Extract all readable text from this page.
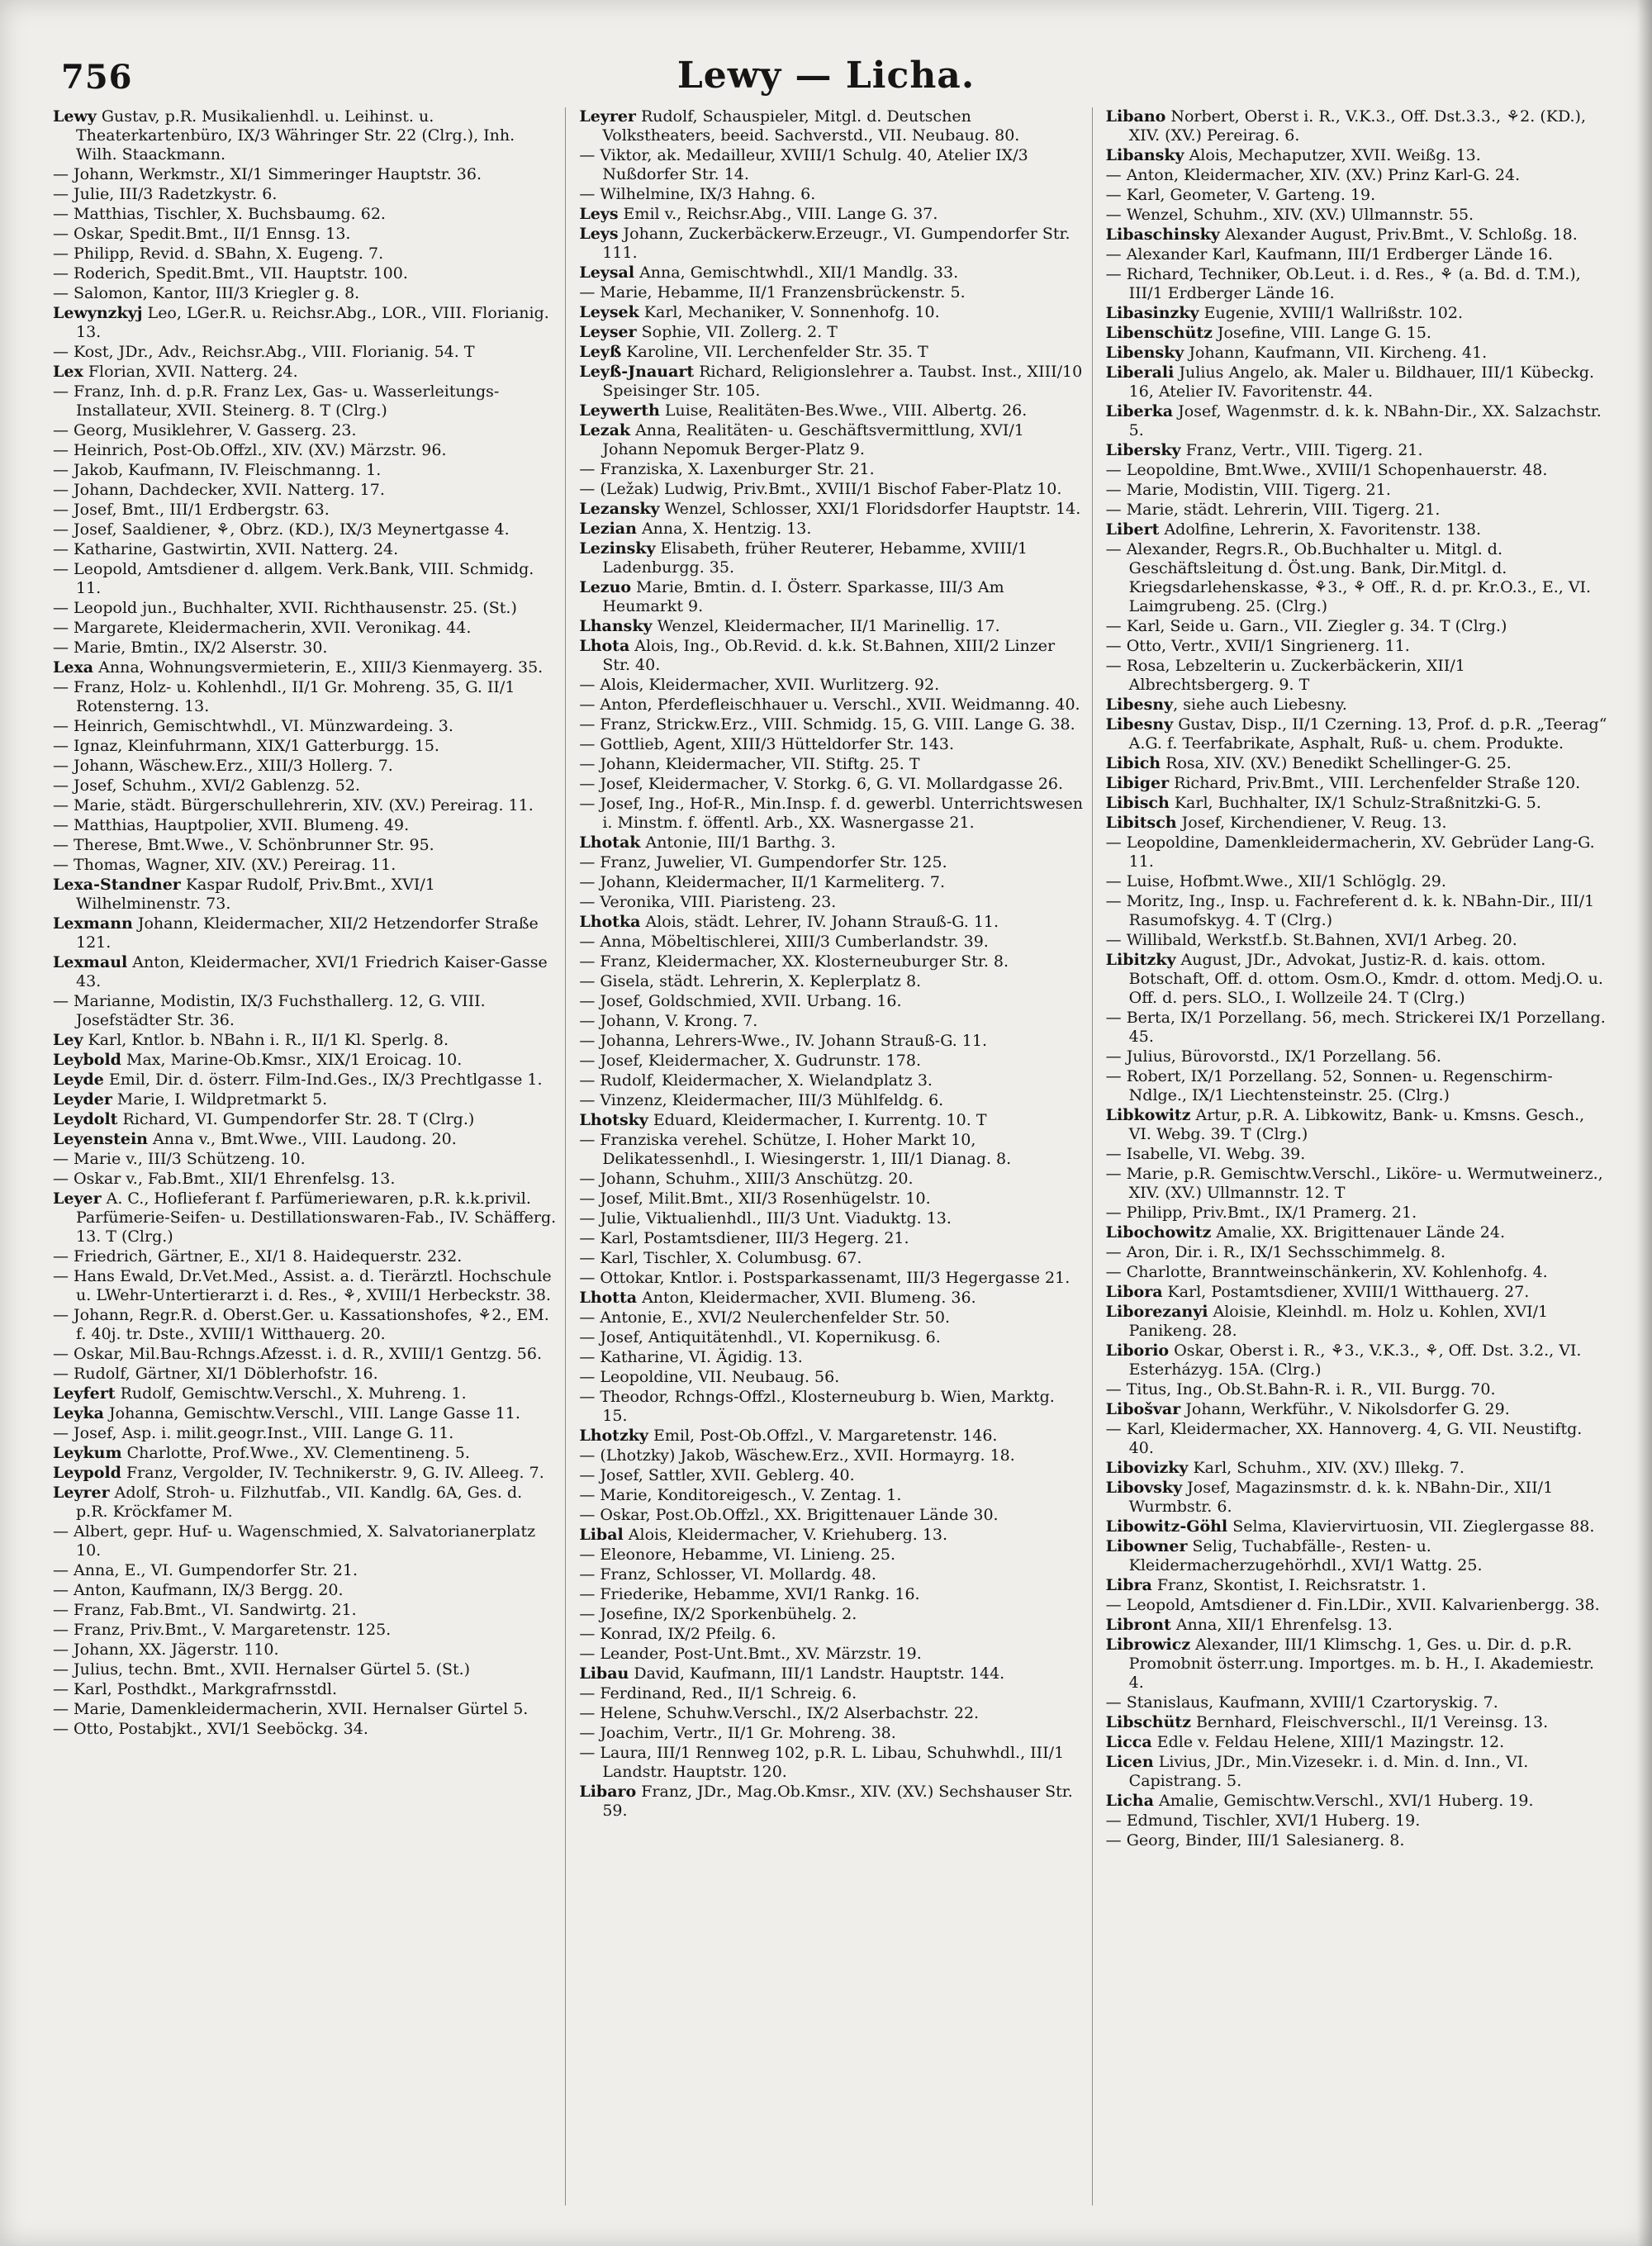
756	Lewy — Licha.

Lewy Gustav, p.R. Musikalienhdl. u. Leihinst. u. Theaterkartenbüro, IX/3 Währinger Str. 22 (Clrg.), Inh. Wilh. Staackmann.

— Johann, Werkmstr., XI/1 Simmeringer Hauptstr. 36.

— Julie, III/3 Radetzkystr. 6.

— Matthias, Tischler, X. Buchsbaumg. 62.

— Oskar, Spedit.Bmt., II/1 Ennsg. 13.

— Philipp, Revid. d. SBahn, X. Eugeng. 7.

— Roderich, Spedit.Bmt., VII. Hauptstr. 100.

— Salomon, Kantor, III/3 Kriegler g. 8.

Lewynzkyj Leo, LGer.R. u. Reichsr.Abg., LOR., VIII. Florianig. 13.

— Kost, JDr., Adv., Reichsr.Abg., VIII. Florianig. 54. T

Lex Florian, XVII. Natterg. 24.

— Franz, Inh. d. p.R. Franz Lex, Gas- u. Wasserleitungs-Installateur, XVII. Steinerg. 8. T (Clrg.)

— Georg, Musiklehrer, V. Gasserg. 23.

— Heinrich, Post-Ob.Offzl., XIV. (XV.) Märzstr. 96.

— Jakob, Kaufmann, IV. Fleischmanng. 1.

— Johann, Dachdecker, XVII. Natterg. 17.

— Josef, Bmt., III/1 Erdbergstr. 63.

— Josef, Saaldiener, ⚘, Obrz. (KD.), IX/3 Meynertgasse 4.

— Katharine, Gastwirtin, XVII. Natterg. 24.

— Leopold, Amtsdiener d. allgem. Verk.Bank, VIII. Schmidg. 11.

— Leopold jun., Buchhalter, XVII. Richthausenstr. 25. (St.)

— Margarete, Kleidermacherin, XVII. Veronikag. 44.

— Marie, Bmtin., IX/2 Alserstr. 30.

Lexa Anna, Wohnungsvermieterin, E., XIII/3 Kienmayerg. 35.

— Franz, Holz- u. Kohlenhdl., II/1 Gr. Mohreng. 35, G. II/1 Rotensterng. 13.

— Heinrich, Gemischtwhdl., VI. Münzwardeing. 3.

— Ignaz, Kleinfuhrmann, XIX/1 Gatterburgg. 15.

— Johann, Wäschew.Erz., XIII/3 Hollerg. 7.

— Josef, Schuhm., XVI/2 Gablenzg. 52.

— Marie, städt. Bürgerschullehrerin, XIV. (XV.) Pereirag. 11.

— Matthias, Hauptpolier, XVII. Blumeng. 49.

— Therese, Bmt.Wwe., V. Schönbrunner Str. 95.

— Thomas, Wagner, XIV. (XV.) Pereirag. 11.

Lexa-Standner Kaspar Rudolf, Priv.Bmt., XVI/1 Wilhelminenstr. 73.

Lexmann Johann, Kleidermacher, XII/2 Hetzendorfer Straße 121.

Lexmaul Anton, Kleidermacher, XVI/1 Friedrich Kaiser-Gasse 43.

— Marianne, Modistin, IX/3 Fuchsthallerg. 12, G. VIII. Josefstädter Str. 36.

Ley Karl, Kntlor. b. NBahn i. R., II/1 Kl. Sperlg. 8.

Leybold Max, Marine-Ob.Kmsr., XIX/1 Eroicag. 10.

Leyde Emil, Dir. d. österr. Film-Ind.Ges., IX/3 Prechtlgasse 1.

Leyder Marie, I. Wildpretmarkt 5.

Leydolt Richard, VI. Gumpendorfer Str. 28. T (Clrg.)

Leyenstein Anna v., Bmt.Wwe., VIII. Laudong. 20.

— Marie v., III/3 Schützeng. 10.

— Oskar v., Fab.Bmt., XII/1 Ehrenfelsg. 13.

Leyer A. C., Hoflieferant f. Parfümeriewaren, p.R. k.k.privil. Parfümerie-Seifen- u. Destillationswaren-Fab., IV. Schäfferg. 13. T (Clrg.)

— Friedrich, Gärtner, E., XI/1 8. Haidequerstr. 232.

— Hans Ewald, Dr.Vet.Med., Assist. a. d. Tierärztl. Hochschule u. LWehr-Untertierarzt i. d. Res., ⚘, XVIII/1 Herbeckstr. 38.

— Johann, Regr.R. d. Oberst.Ger. u. Kassationshofes, ⚘2., EM. f. 40j. tr. Dste., XVIII/1 Witthauerg. 20.

— Oskar, Mil.Bau-Rchngs.Afzesst. i. d. R., XVIII/1 Gentzg. 56.

— Rudolf, Gärtner, XI/1 Döblerhofstr. 16.

Leyfert Rudolf, Gemischtw.Verschl., X. Muhreng. 1.

Leyka Johanna, Gemischtw.Verschl., VIII. Lange Gasse 11.

— Josef, Asp. i. milit.geogr.Inst., VIII. Lange G. 11.

Leykum Charlotte, Prof.Wwe., XV. Clementineng. 5.

Leypold Franz, Vergolder, IV. Technikerstr. 9, G. IV. Alleeg. 7.

Leyrer Adolf, Stroh- u. Filzhutfab., VII. Kandlg. 6A, Ges. d. p.R. Kröckfamer M.

— Albert, gepr. Huf- u. Wagenschmied, X. Salvatorianerplatz 10.

— Anna, E., VI. Gumpendorfer Str. 21.

— Anton, Kaufmann, IX/3 Bergg. 20.

— Franz, Fab.Bmt., VI. Sandwirtg. 21.

— Franz, Priv.Bmt., V. Margaretenstr. 125.

— Johann, XX. Jägerstr. 110.

— Julius, techn. Bmt., XVII. Hernalser Gürtel 5. (St.)

— Karl, Posthdkt., Markgrafrnsstdl.

— Marie, Damenkleidermacherin, XVII. Hernalser Gürtel 5.

— Otto, Postabjkt., XVI/1 Seeböckg. 34.

Leyrer Rudolf, Schauspieler, Mitgl. d. Deutschen Volkstheaters, beeid. Sachverstd., VII. Neubaug. 80.

— Viktor, ak. Medailleur, XVIII/1 Schulg. 40, Atelier IX/3 Nußdorfer Str. 14.

— Wilhelmine, IX/3 Hahng. 6.

Leys Emil v., Reichsr.Abg., VIII. Lange G. 37.

Leys Johann, Zuckerbäckerw.Erzeugr., VI. Gumpendorfer Str. 111.

Leysal Anna, Gemischtwhdl., XII/1 Mandlg. 33.

— Marie, Hebamme, II/1 Franzensbrückenstr. 5.

Leysek Karl, Mechaniker, V. Sonnenhofg. 10.

Leyser Sophie, VII. Zollerg. 2. T

Leyß Karoline, VII. Lerchenfelder Str. 35. T

Leyß-Jnauart Richard, Religionslehrer a. Taubst. Inst., XIII/10 Speisinger Str. 105.

Leywerth Luise, Realitäten-Bes.Wwe., VIII. Albertg. 26.

Lezak Anna, Realitäten- u. Geschäftsvermittlung, XVI/1 Johann Nepomuk Berger-Platz 9.

— Franziska, X. Laxenburger Str. 21.

— (Ležak) Ludwig, Priv.Bmt., XVIII/1 Bischof Faber-Platz 10.

Lezansky Wenzel, Schlosser, XXI/1 Floridsdorfer Hauptstr. 14.

Lezian Anna, X. Hentzig. 13.

Lezinsky Elisabeth, früher Reuterer, Hebamme, XVIII/1 Ladenburgg. 35.

Lezuo Marie, Bmtin. d. I. Österr. Sparkasse, III/3 Am Heumarkt 9.

Lhansky Wenzel, Kleidermacher, II/1 Marinellig. 17.

Lhota Alois, Ing., Ob.Revid. d. k.k. St.Bahnen, XIII/2 Linzer Str. 40.

— Alois, Kleidermacher, XVII. Wurlitzerg. 92.

— Anton, Pferdefleischhauer u. Verschl., XVII. Weidmanng. 40.

— Franz, Strickw.Erz., VIII. Schmidg. 15, G. VIII. Lange G. 38.

— Gottlieb, Agent, XIII/3 Hütteldorfer Str. 143.

— Johann, Kleidermacher, VII. Stiftg. 25. T

— Josef, Kleidermacher, V. Storkg. 6, G. VI. Mollardgasse 26.

— Josef, Ing., Hof-R., Min.Insp. f. d. gewerbl. Unterrichtswesen i. Minstm. f. öffentl. Arb., XX. Wasnergasse 21.

Lhotak Antonie, III/1 Barthg. 3.

— Franz, Juwelier, VI. Gumpendorfer Str. 125.

— Johann, Kleidermacher, II/1 Karmeliterg. 7.

— Veronika, VIII. Piaristeng. 23.

Lhotka Alois, städt. Lehrer, IV. Johann Strauß-G. 11.

— Anna, Möbeltischlerei, XIII/3 Cumberlandstr. 39.

— Franz, Kleidermacher, XX. Klosterneuburger Str. 8.

— Gisela, städt. Lehrerin, X. Keplerplatz 8.

— Josef, Goldschmied, XVII. Urbang. 16.

— Johann, V. Krong. 7.

— Johanna, Lehrers-Wwe., IV. Johann Strauß-G. 11.

— Josef, Kleidermacher, X. Gudrunstr. 178.

— Rudolf, Kleidermacher, X. Wielandplatz 3.

— Vinzenz, Kleidermacher, III/3 Mühlfeldg. 6.

Lhotsky Eduard, Kleidermacher, I. Kurrentg. 10. T

— Franziska verehel. Schütze, I. Hoher Markt 10, Delikatessenhdl., I. Wiesingerstr. 1, III/1 Dianag. 8.

— Johann, Schuhm., XIII/3 Anschützg. 20.

— Josef, Milit.Bmt., XII/3 Rosenhügelstr. 10.

— Julie, Viktualienhdl., III/3 Unt. Viaduktg. 13.

— Karl, Postamtsdiener, III/3 Hegerg. 21.

— Karl, Tischler, X. Columbusg. 67.

— Ottokar, Kntlor. i. Postsparkassenamt, III/3 Hegergasse 21.

Lhotta Anton, Kleidermacher, XVII. Blumeng. 36.

— Antonie, E., XVI/2 Neulerchenfelder Str. 50.

— Josef, Antiquitätenhdl., VI. Kopernikusg. 6.

— Katharine, VI. Ägidig. 13.

— Leopoldine, VII. Neubaug. 56.

— Theodor, Rchngs-Offzl., Klosterneuburg b. Wien, Marktg. 15.

Lhotzky Emil, Post-Ob.Offzl., V. Margaretenstr. 146.

— (Lhotzky) Jakob, Wäschew.Erz., XVII. Hormayrg. 18.

— Josef, Sattler, XVII. Geblerg. 40.

— Marie, Konditoreigesch., V. Zentag. 1.

— Oskar, Post.Ob.Offzl., XX. Brigittenauer Lände 30.

Libal Alois, Kleidermacher, V. Kriehuberg. 13.

— Eleonore, Hebamme, VI. Linieng. 25.

— Franz, Schlosser, VI. Mollardg. 48.

— Friederike, Hebamme, XVI/1 Rankg. 16.

— Josefine, IX/2 Sporkenbühelg. 2.

— Konrad, IX/2 Pfeilg. 6.

— Leander, Post-Unt.Bmt., XV. Märzstr. 19.

Libau David, Kaufmann, III/1 Landstr. Hauptstr. 144.

— Ferdinand, Red., II/1 Schreig. 6.

— Helene, Schuhw.Verschl., IX/2 Alserbachstr. 22.

— Joachim, Vertr., II/1 Gr. Mohreng. 38.

— Laura, III/1 Rennweg 102, p.R. L. Libau, Schuhwhdl., III/1 Landstr. Hauptstr. 120.

Libaro Franz, JDr., Mag.Ob.Kmsr., XIV. (XV.) Sechshauser Str. 59.

Libano Norbert, Oberst i. R., V.K.3., Off. Dst.3.3., ⚘2. (KD.), XIV. (XV.) Pereirag. 6.

Libansky Alois, Mechaputzer, XVII. Weißg. 13.

— Anton, Kleidermacher, XIV. (XV.) Prinz Karl-G. 24.

— Karl, Geometer, V. Garteng. 19.

— Wenzel, Schuhm., XIV. (XV.) Ullmannstr. 55.

Libaschinsky Alexander August, Priv.Bmt., V. Schloßg. 18.

— Alexander Karl, Kaufmann, III/1 Erdberger Lände 16.

— Richard, Techniker, Ob.Leut. i. d. Res., ⚘ (a. Bd. d. T.M.), III/1 Erdberger Lände 16.

Libasinzky Eugenie, XVIII/1 Wallrißstr. 102.

Libenschütz Josefine, VIII. Lange G. 15.

Libensky Johann, Kaufmann, VII. Kircheng. 41.

Liberali Julius Angelo, ak. Maler u. Bildhauer, III/1 Kübeckg. 16, Atelier IV. Favoritenstr. 44.

Liberka Josef, Wagenmstr. d. k. k. NBahn-Dir., XX. Salzachstr. 5.

Libersky Franz, Vertr., VIII. Tigerg. 21.

— Leopoldine, Bmt.Wwe., XVIII/1 Schopenhauerstr. 48.

— Marie, Modistin, VIII. Tigerg. 21.

— Marie, städt. Lehrerin, VIII. Tigerg. 21.

Libert Adolfine, Lehrerin, X. Favoritenstr. 138.

— Alexander, Regrs.R., Ob.Buchhalter u. Mitgl. d. Geschäftsleitung d. Öst.ung. Bank, Dir.Mitgl. d. Kriegsdarlehenskasse, ⚘3., ⚘ Off., R. d. pr. Kr.O.3., E., VI. Laimgrubeng. 25. (Clrg.)

— Karl, Seide u. Garn., VII. Ziegler g. 34. T (Clrg.)

— Otto, Vertr., XVII/1 Singrienerg. 11.

— Rosa, Lebzelterin u. Zuckerbäckerin, XII/1 Albrechtsbergerg. 9. T

Libesny, siehe auch Liebesny.

Libesny Gustav, Disp., II/1 Czerning. 13, Prof. d. p.R. „Teerag“ A.G. f. Teerfabrikate, Asphalt, Ruß- u. chem. Produkte.

Libich Rosa, XIV. (XV.) Benedikt Schellinger-G. 25.

Libiger Richard, Priv.Bmt., VIII. Lerchenfelder Straße 120.

Libisch Karl, Buchhalter, IX/1 Schulz-Straßnitzki-G. 5.

Libitsch Josef, Kirchendiener, V. Reug. 13.

— Leopoldine, Damenkleidermacherin, XV. Gebrüder Lang-G. 11.

— Luise, Hofbmt.Wwe., XII/1 Schlöglg. 29.

— Moritz, Ing., Insp. u. Fachreferent d. k. k. NBahn-Dir., III/1 Rasumofskyg. 4. T (Clrg.)

— Willibald, Werkstf.b. St.Bahnen, XVI/1 Arbeg. 20.

Libitzky August, JDr., Advokat, Justiz-R. d. kais. ottom. Botschaft, Off. d. ottom. Osm.O., Kmdr. d. ottom. Medj.O. u. Off. d. pers. SLO., I. Wollzeile 24. T (Clrg.)

— Berta, IX/1 Porzellang. 56, mech. Strickerei IX/1 Porzellang. 45.

— Julius, Bürovorstd., IX/1 Porzellang. 56.

— Robert, IX/1 Porzellang. 52, Sonnen- u. Regenschirm-Ndlge., IX/1 Liechtensteinstr. 25. (Clrg.)

Libkowitz Artur, p.R. A. Libkowitz, Bank- u. Kmsns. Gesch., VI. Webg. 39. T (Clrg.)

— Isabelle, VI. Webg. 39.

— Marie, p.R. Gemischtw.Verschl., Liköre- u. Wermutweinerz., XIV. (XV.) Ullmannstr. 12. T

— Philipp, Priv.Bmt., IX/1 Pramerg. 21.

Libochowitz Amalie, XX. Brigittenauer Lände 24.

— Aron, Dir. i. R., IX/1 Sechsschimmelg. 8.

— Charlotte, Branntweinschänkerin, XV. Kohlenhofg. 4.

Libora Karl, Postamtsdiener, XVIII/1 Witthauerg. 27.

Liborezanyi Aloisie, Kleinhdl. m. Holz u. Kohlen, XVI/1 Panikeng. 28.

Liborio Oskar, Oberst i. R., ⚘3., V.K.3., ⚘, Off. Dst. 3.2., VI. Esterházyg. 15A. (Clrg.)

— Titus, Ing., Ob.St.Bahn-R. i. R., VII. Burgg. 70.

Libošvar Johann, Werkführ., V. Nikolsdorfer G. 29.

— Karl, Kleidermacher, XX. Hannoverg. 4, G. VII. Neustiftg. 40.

Libovizky Karl, Schuhm., XIV. (XV.) Illekg. 7.

Libovsky Josef, Magazinsmstr. d. k. k. NBahn-Dir., XII/1 Wurmbstr. 6.

Libowitz-Göhl Selma, Klaviervirtuosin, VII. Zieglergasse 88.

Libowner Selig, Tuchabfälle-, Resten- u. Kleidermacherzugehörhdl., XVI/1 Wattg. 25.

Libra Franz, Skontist, I. Reichsratstr. 1.

— Leopold, Amtsdiener d. Fin.LDir., XVII. Kalvarienbergg. 38.

Libront Anna, XII/1 Ehrenfelsg. 13.

Librowicz Alexander, III/1 Klimschg. 1, Ges. u. Dir. d. p.R. Promobnit österr.ung. Importges. m. b. H., I. Akademiestr. 4.

— Stanislaus, Kaufmann, XVIII/1 Czartoryskig. 7.

Libschütz Bernhard, Fleischverschl., II/1 Vereinsg. 13.

Licca Edle v. Feldau Helene, XIII/1 Mazingstr. 12.

Licen Livius, JDr., Min.Vizesekr. i. d. Min. d. Inn., VI. Capistrang. 5.

Licha Amalie, Gemischtw.Verschl., XVI/1 Huberg. 19.

— Edmund, Tischler, XVI/1 Huberg. 19.

— Georg, Binder, III/1 Salesianerg. 8.
